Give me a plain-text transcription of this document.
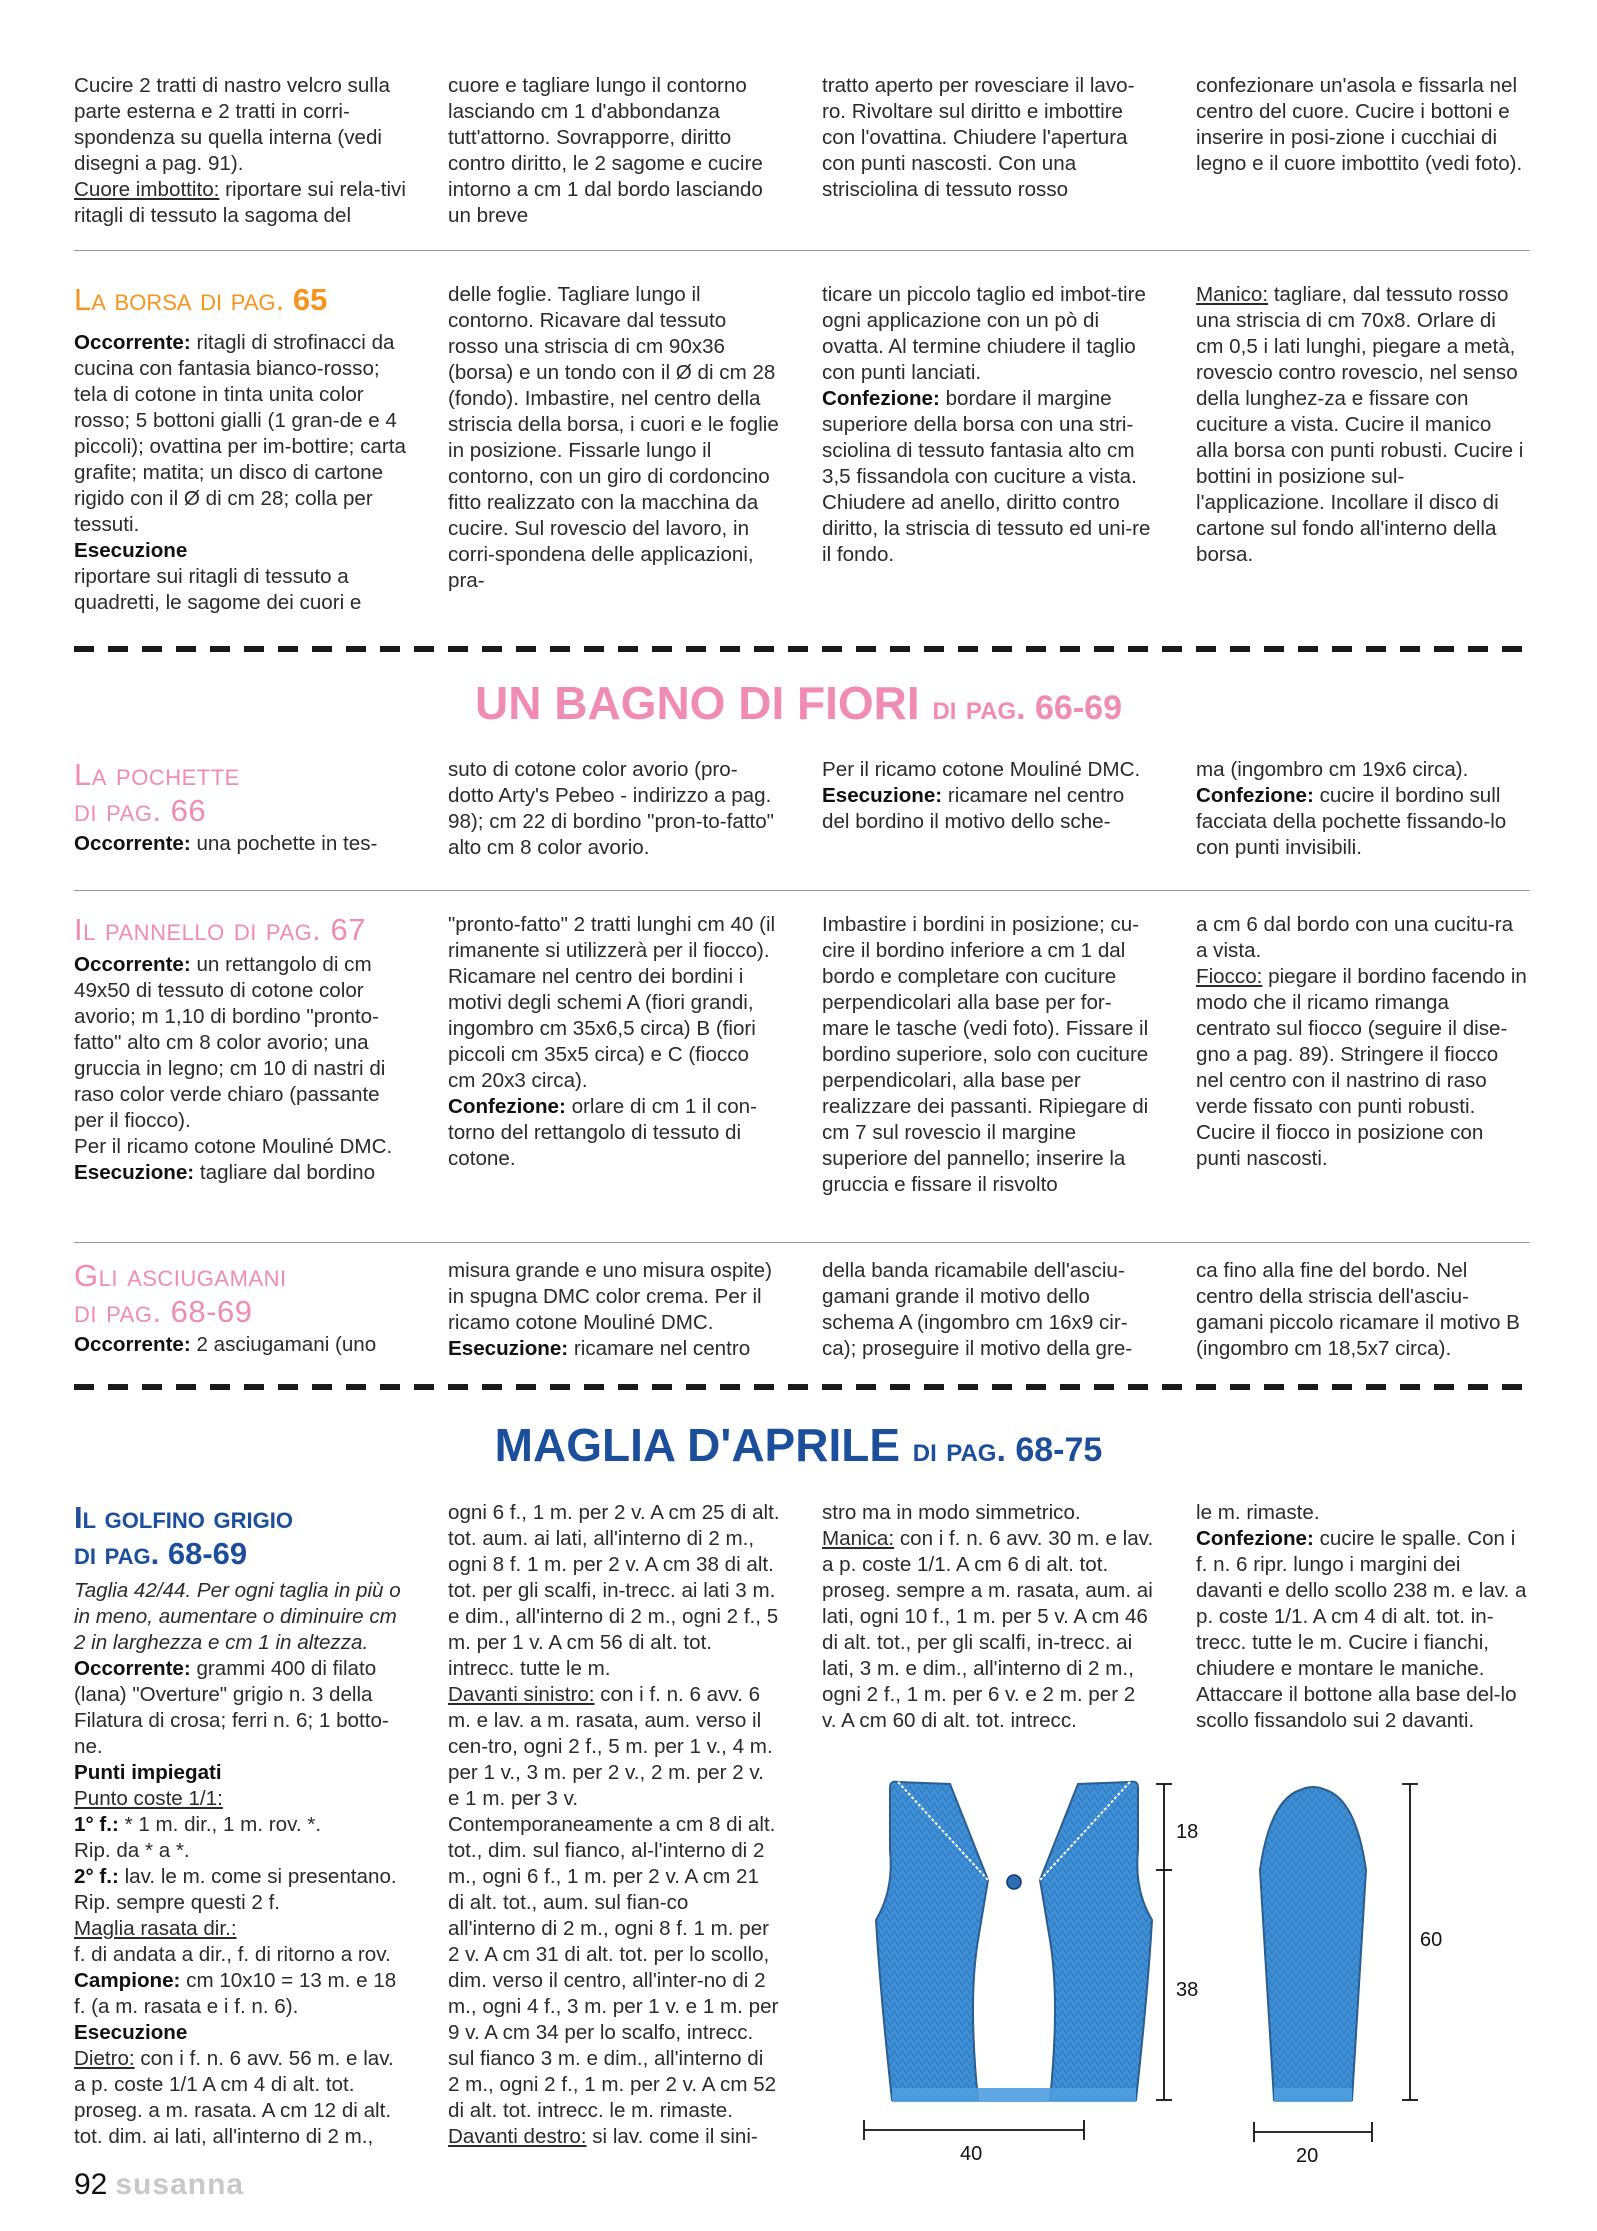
Cucire 2 tratti di nastro velcro sulla parte esterna e 2 tratti in corri-spondenza su quella interna (vedi disegni a pag. 91).
Cuore imbottito: riportare sui rela-tivi ritagli di tessuto la sagoma del

cuore e tagliare lungo il contorno lasciando cm 1 d'abbondanza tutt'attorno. Sovrapporre, diritto contro diritto, le 2 sagome e cucire intorno a cm 1 dal bordo lasciando un breve

tratto aperto per rovesciare il lavo-ro. Rivoltare sul diritto e imbottire con l'ovattina. Chiudere l'apertura con punti nascosti. Con una strisciolina di tessuto rosso

confezionare un'asola e fissarla nel centro del cuore. Cucire i bottoni e inserire in posi-zione i cucchiai di legno e il cuore imbottito (vedi foto).

La borsa di pag. 65

Occorrente: ritagli di strofinacci da cucina con fantasia bianco-rosso; tela di cotone in tinta unita color rosso; 5 bottoni gialli (1 gran-de e 4 piccoli); ovattina per im-bottire; carta grafite; matita; un disco di cartone rigido con il Ø di cm 28; colla per tessuti.
Esecuzione
riportare sui ritagli di tessuto a quadretti, le sagome dei cuori e

delle foglie. Tagliare lungo il contorno. Ricavare dal tessuto rosso una striscia di cm 90x36 (borsa) e un tondo con il Ø di cm 28 (fondo). Imbastire, nel centro della striscia della borsa, i cuori e le foglie in posizione. Fissarle lungo il contorno, con un giro di cordoncino fitto realizzato con la macchina da cucire. Sul rovescio del lavoro, in corri-spondena delle applicazioni, pra-

ticare un piccolo taglio ed imbot-tire ogni applicazione con un pò di ovatta. Al termine chiudere il taglio con punti lanciati.
Confezione: bordare il margine superiore della borsa con una stri-sciolina di tessuto fantasia alto cm 3,5 fissandola con cuciture a vista. Chiudere ad anello, diritto contro diritto, la striscia di tessuto ed uni-re il fondo.

Manico: tagliare, dal tessuto rosso una striscia di cm 70x8. Orlare di cm 0,5 i lati lunghi, piegare a metà, rovescio contro rovescio, nel senso della lunghez-za e fissare con cuciture a vista. Cucire il manico alla borsa con punti robusti. Cucire i bottini in posizione sul-l'applicazione. Incollare il disco di cartone sul fondo all'interno della borsa.

UN BAGNO DI FIORI di pag. 66-69
La pochette
di pag. 66

Occorrente: una pochette in tes-

suto di cotone color avorio (pro-dotto Arty's Pebeo - indirizzo a pag. 98); cm 22 di bordino "pron-to-fatto" alto cm 8 color avorio.

Per il ricamo cotone Mouliné DMC.
Esecuzione: ricamare nel centro del bordino il motivo dello sche-

ma (ingombro cm 19x6 circa).
Confezione: cucire il bordino sull facciata della pochette fissando-lo con punti invisibili.

Il pannello di pag. 67

Occorrente: un rettangolo di cm 49x50 di tessuto di cotone color avorio; m 1,10 di bordino "pronto-fatto" alto cm 8 color avorio; una gruccia in legno; cm 10 di nastri di raso color verde chiaro (passante per il fiocco).
Per il ricamo cotone Mouliné DMC.
Esecuzione: tagliare dal bordino

"pronto-fatto" 2 tratti lunghi cm 40 (il rimanente si utilizzerà per il fiocco). Ricamare nel centro dei bordini i motivi degli schemi A (fiori grandi, ingombro cm 35x6,5 circa) B (fiori piccoli cm 35x5 circa) e C (fiocco cm 20x3 circa).
Confezione: orlare di cm 1 il con-torno del rettangolo di tessuto di cotone.

Imbastire i bordini in posizione; cu-cire il bordino inferiore a cm 1 dal bordo e completare con cuciture perpendicolari alla base per for-mare le tasche (vedi foto). Fissare il bordino superiore, solo con cuciture perpendicolari, alla base per realizzare dei passanti. Ripiegare di cm 7 sul rovescio il margine superiore del pannello; inserire la gruccia e fissare il risvolto

a cm 6 dal bordo con una cucitu-ra a vista.
Fiocco: piegare il bordino facendo in modo che il ricamo rimanga centrato sul fiocco (seguire il dise-gno a pag. 89). Stringere il fiocco nel centro con il nastrino di raso verde fissato con punti robusti. Cucire il fiocco in posizione con punti nascosti.

Gli asciugamani
di pag. 68-69

Occorrente: 2 asciugamani (uno

misura grande e uno misura ospite) in spugna DMC color crema. Per il ricamo cotone Mouliné DMC.
Esecuzione: ricamare nel centro

della banda ricamabile dell'asciu-gamani grande il motivo dello schema A (ingombro cm 16x9 cir-ca); proseguire il motivo della gre-

ca fino alla fine del bordo. Nel centro della striscia dell'asciu-gamani piccolo ricamare il motivo B (ingombro cm 18,5x7 circa).

MAGLIA D'APRILE di pag. 68-75
Il golfino grigio
di pag. 68-69

Taglia 42/44. Per ogni taglia in più o in meno, aumentare o diminuire cm 2 in larghezza e cm 1 in altezza.
Occorrente: grammi 400 di filato (lana) "Overture" grigio n. 3 della Filatura di crosa; ferri n. 6; 1 botto-ne.
Punti impiegati
Punto coste 1/1:
1° f.: * 1 m. dir., 1 m. rov. *.
Rip. da * a *.
2° f.: lav. le m. come si presentano.
Rip. sempre questi 2 f.
Maglia rasata dir.:
f. di andata a dir., f. di ritorno a rov.
Campione: cm 10x10 = 13 m. e 18 f. (a m. rasata e i f. n. 6).
Esecuzione
Dietro: con i f. n. 6 avv. 56 m. e lav. a p. coste 1/1 A cm 4 di alt. tot. proseg. a m. rasata. A cm 12 di alt. tot. dim. ai lati, all'interno di 2 m.,

ogni 6 f., 1 m. per 2 v. A cm 25 di alt. tot. aum. ai lati, all'interno di 2 m., ogni 8 f. 1 m. per 2 v. A cm 38 di alt. tot. per gli scalfi, in-trecc. ai lati 3 m. e dim., all'interno di 2 m., ogni 2 f., 5 m. per 1 v. A cm 56 di alt. tot. intrecc. tutte le m.
Davanti sinistro: con i f. n. 6 avv. 6 m. e lav. a m. rasata, aum. verso il cen-tro, ogni 2 f., 5 m. per 1 v., 4 m. per 1 v., 3 m. per 2 v., 2 m. per 2 v. e 1 m. per 3 v. Contemporaneamente a cm 8 di alt. tot., dim. sul fianco, al-l'interno di 2 m., ogni 6 f., 1 m. per 2 v. A cm 21 di alt. tot., aum. sul fian-co all'interno di 2 m., ogni 8 f. 1 m. per 2 v. A cm 31 di alt. tot. per lo scollo, dim. verso il centro, all'inter-no di 2 m., ogni 4 f., 3 m. per 1 v. e 1 m. per 9 v. A cm 34 per lo scalfo, intrecc. sul fianco 3 m. e dim., all'interno di 2 m., ogni 2 f., 1 m. per 2 v. A cm 52 di alt. tot. intrecc. le m. rimaste.
Davanti destro: si lav. come il sini-

stro ma in modo simmetrico.
Manica: con i f. n. 6 avv. 30 m. e lav. a p. coste 1/1. A cm 6 di alt. tot. proseg. sempre a m. rasata, aum. ai lati, ogni 10 f., 1 m. per 5 v. A cm 46 di alt. tot., per gli scalfi, in-trecc. ai lati, 3 m. e dim., all'interno di 2 m., ogni 2 f., 1 m. per 6 v. e 2 m. per 2 v. A cm 60 di alt. tot. intrecc.

le m. rimaste.
Confezione: cucire le spalle. Con i f. n. 6 ripr. lungo i margini dei davanti e dello scollo 238 m. e lav. a p. coste 1/1. A cm 4 di alt. tot. in-trecc. tutte le m. Cucire i fianchi, chiudere e montare le maniche. Attaccare il bottone alla base del-lo scollo fissandolo sui 2 davanti.

18
38
40
60
20
92 susanna
